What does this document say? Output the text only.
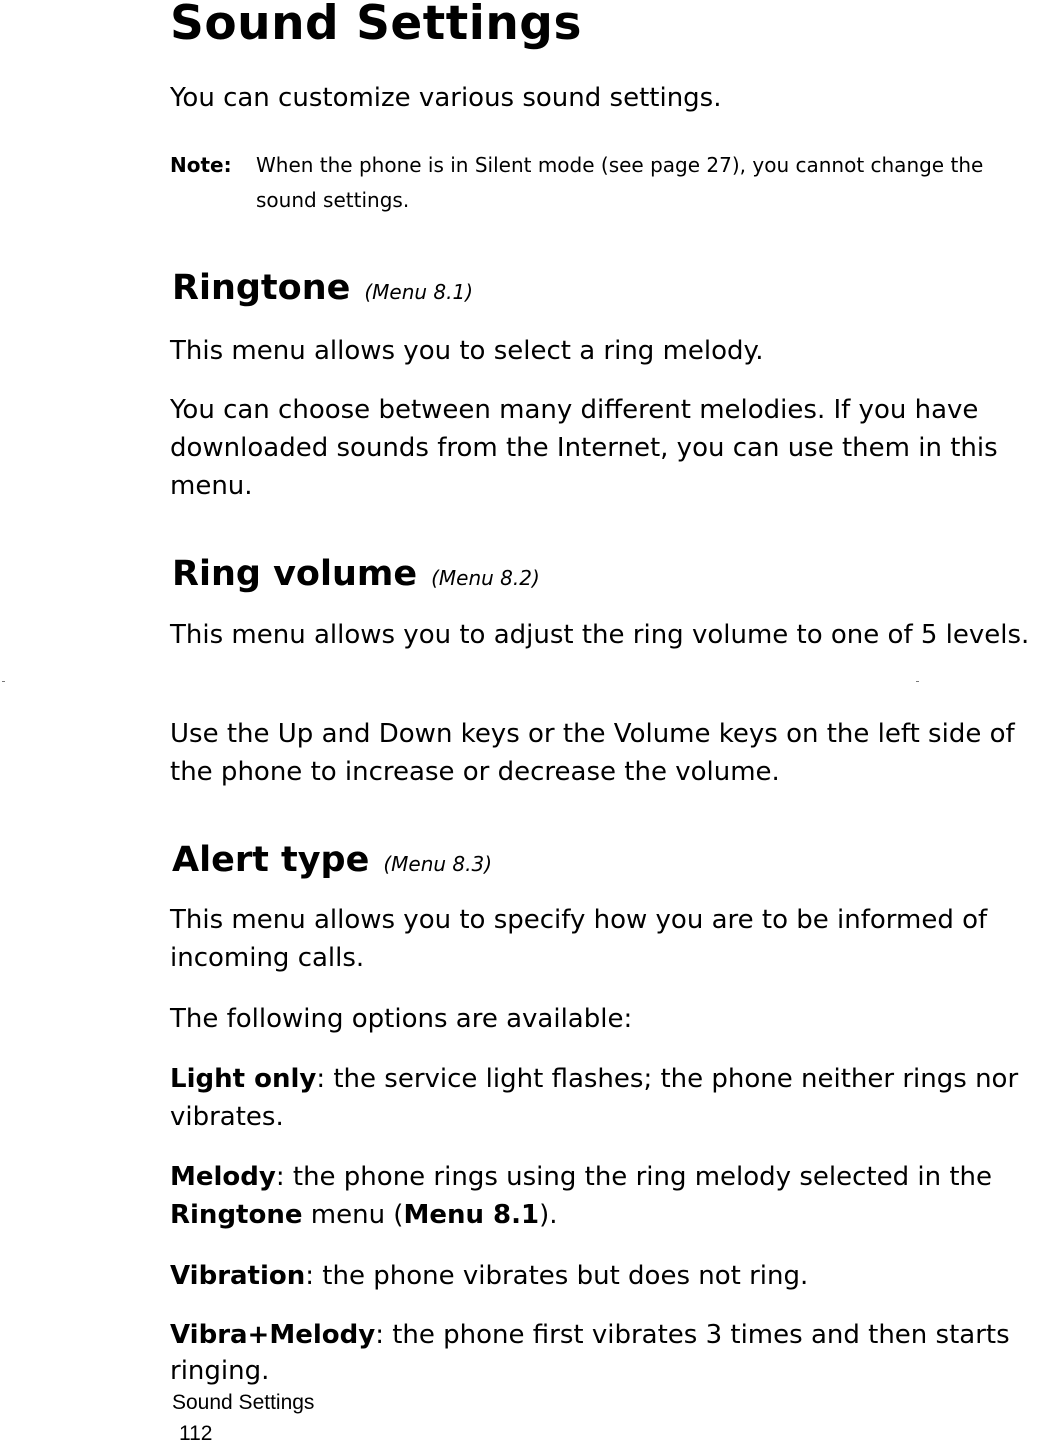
Sound Settings

You can customize various sound settings.

Note: When the phone is in Silent mode (see page 27), you cannot change the sound settings.
Ringtone (Menu 8.1)

This menu allows you to select a ring melody.

You can choose between many different melodies. If you have downloaded sounds from the Internet, you can use them in this menu.

Ring volume (Menu 8.2)

This menu allows you to adjust the ring volume to one of 5 levels.

Use the Up and Down keys or the Volume keys on the left side of the phone to increase or decrease the volume.

Alert type (Menu 8.3)

This menu allows you to specify how you are to be informed of incoming calls.

The following options are available:

Light only: the service light flashes; the phone neither rings nor vibrates.

Melody: the phone rings using the ring melody selected in the Ringtone menu (Menu 8.1).

Vibration: the phone vibrates but does not ring.

Vibra+Melody: the phone first vibrates 3 times and then starts ringing.

Sound Settings
112
